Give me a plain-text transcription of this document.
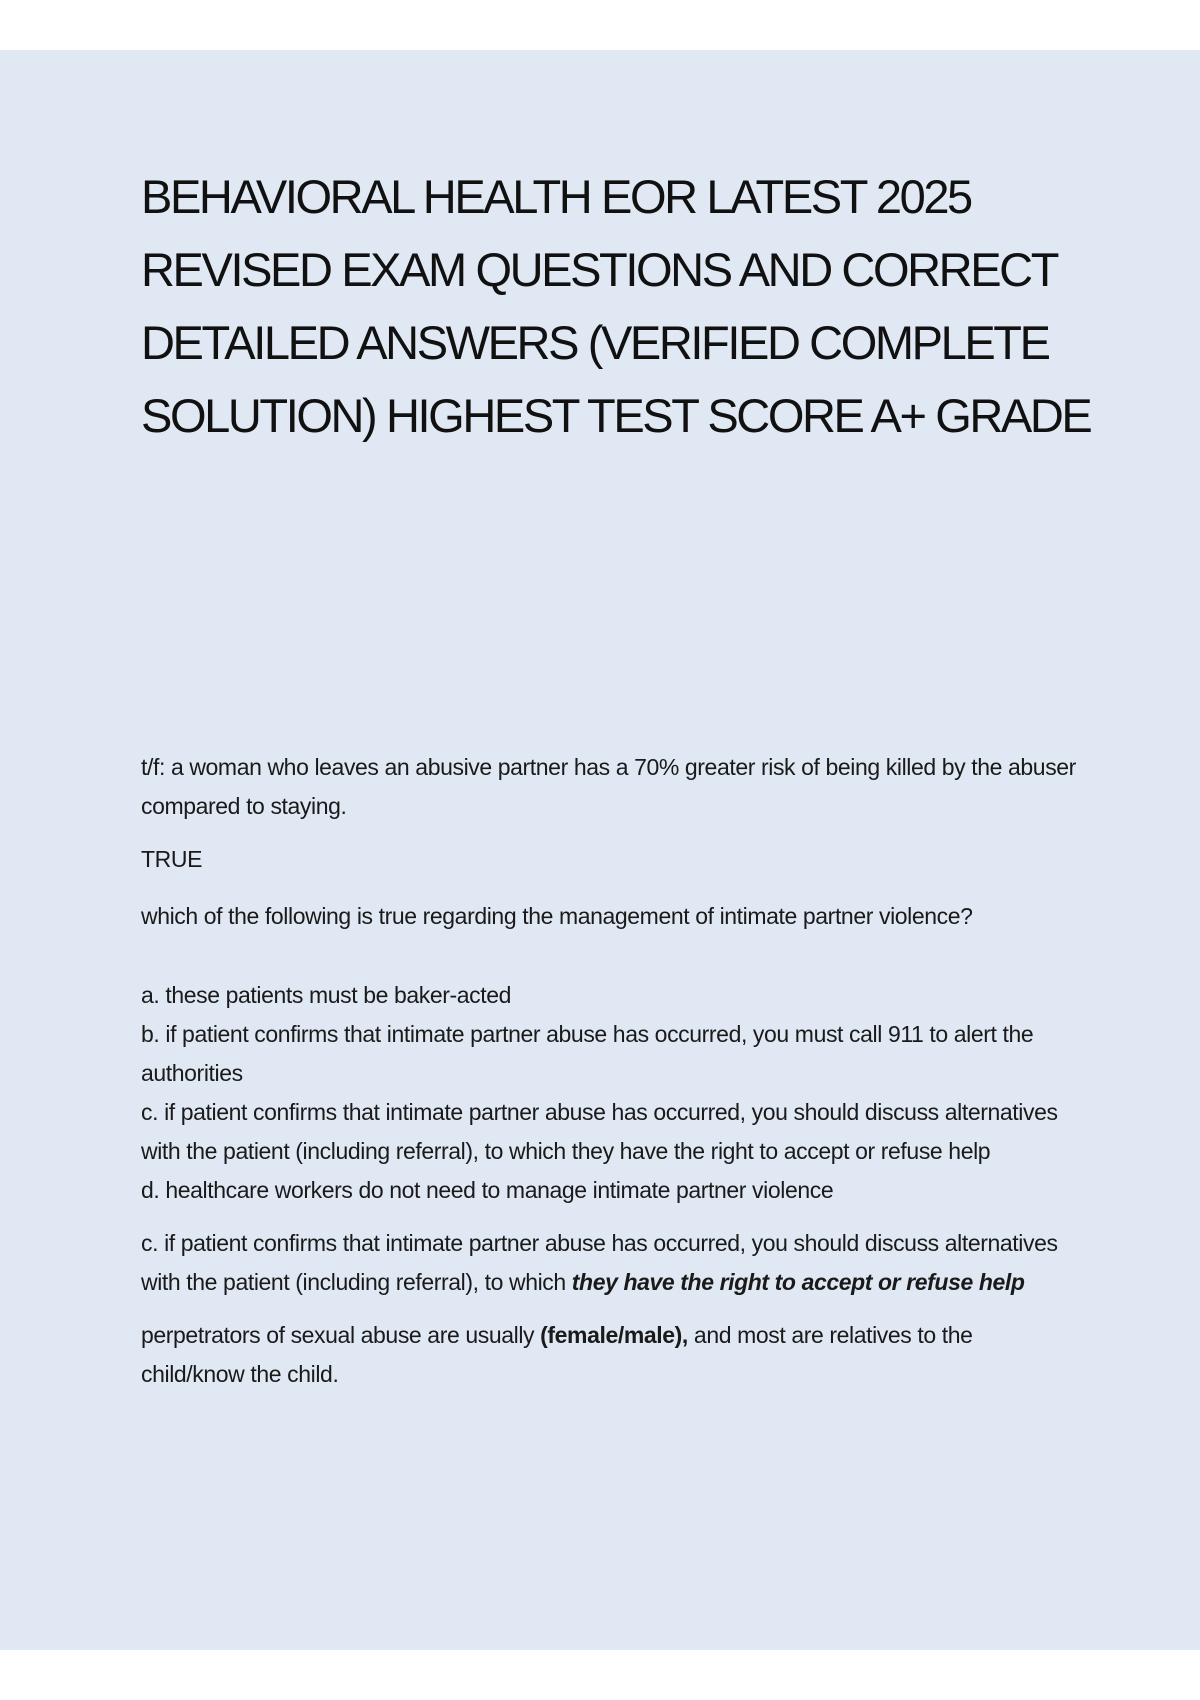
BEHAVIORAL HEALTH EOR LATEST 2025 REVISED EXAM QUESTIONS AND CORRECT DETAILED ANSWERS (VERIFIED COMPLETE SOLUTION) HIGHEST TEST SCORE A+ GRADE

t/f: a woman who leaves an abusive partner has a 70% greater risk of being killed by the abuser compared to staying.

TRUE

which of the following is true regarding the management of intimate partner violence?

a. these patients must be baker-acted
b. if patient confirms that intimate partner abuse has occurred, you must call 911 to alert the authorities
c. if patient confirms that intimate partner abuse has occurred, you should discuss alternatives with the patient (including referral), to which they have the right to accept or refuse help
d. healthcare workers do not need to manage intimate partner violence

c. if patient confirms that intimate partner abuse has occurred, you should discuss alternatives with the patient (including referral), to which they have the right to accept or refuse help

perpetrators of sexual abuse are usually (female/male), and most are relatives to the child/know the child.
